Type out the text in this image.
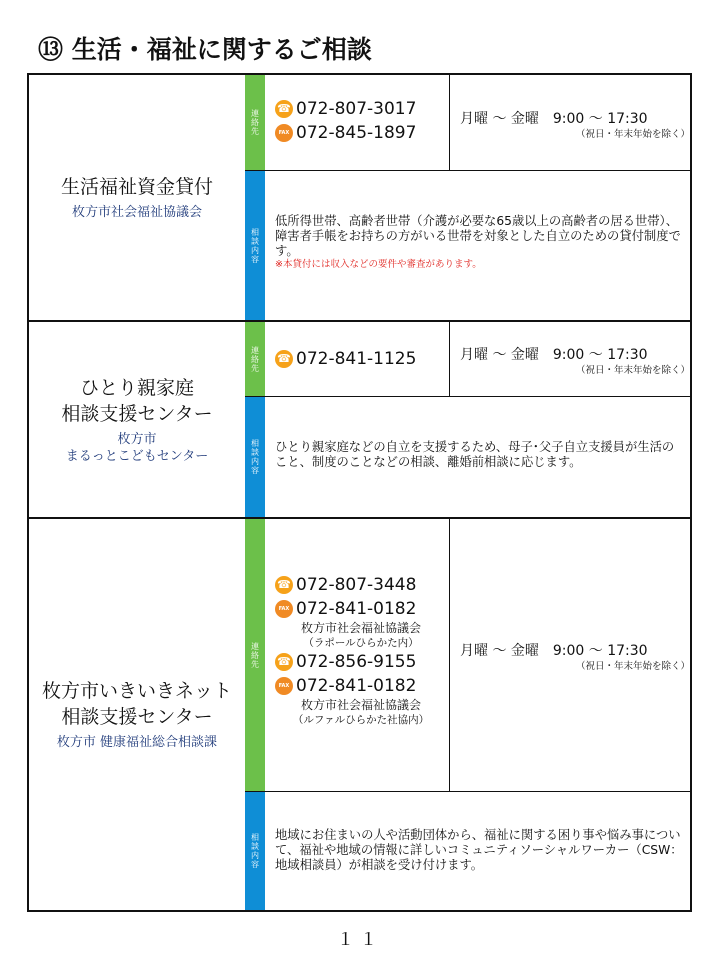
⑬ 生活・福祉に関するご相談
生活福祉資金貸付
枚方市社会福祉協議会
連絡先
相談内容
☎
072-807-3017
FAX
072-845-1897
月曜 ～ 金曜　9:00 ～ 17:30
（祝日・年末年始を除く）
低所得世帯、高齢者世帯（介護が必要な65歳以上の高齢者の居る世帯）、障害者手帳をお持ちの方がいる世帯を対象とした自立のための貸付制度です。
※本貸付には収入などの要件や審査があります。
ひとり親家庭
相談支援センター
枚方市
まるっとこどもセンター
連絡先
相談内容
☎
072-841-1125	月曜 ～ 金曜　9:00 ～ 17:30
（祝日・年末年始を除く）
ひとり親家庭などの自立を支援するため、母子･父子自立支援員が生活のこと、制度のことなどの相談、離婚前相談に応じます。
枚方市いきいきネット
相談支援センター
枚方市 健康福祉総合相談課
連絡先
相談内容
☎
072-807-3448
FAX
072-841-0182
枚方市社会福祉協議会
（ラポールひらかた内）
☎
072-856-9155
FAX
072-841-0182
枚方市社会福祉協議会
（ルファルひらかた社協内）
月曜 ～ 金曜　9:00 ～ 17:30
（祝日・年末年始を除く）
地域にお住まいの人や活動団体から、福祉に関する困り事や悩み事について、福祉や地域の情報に詳しいコミュニティソーシャルワーカー（CSW：地域相談員）が相談を受け付けます。
１１
